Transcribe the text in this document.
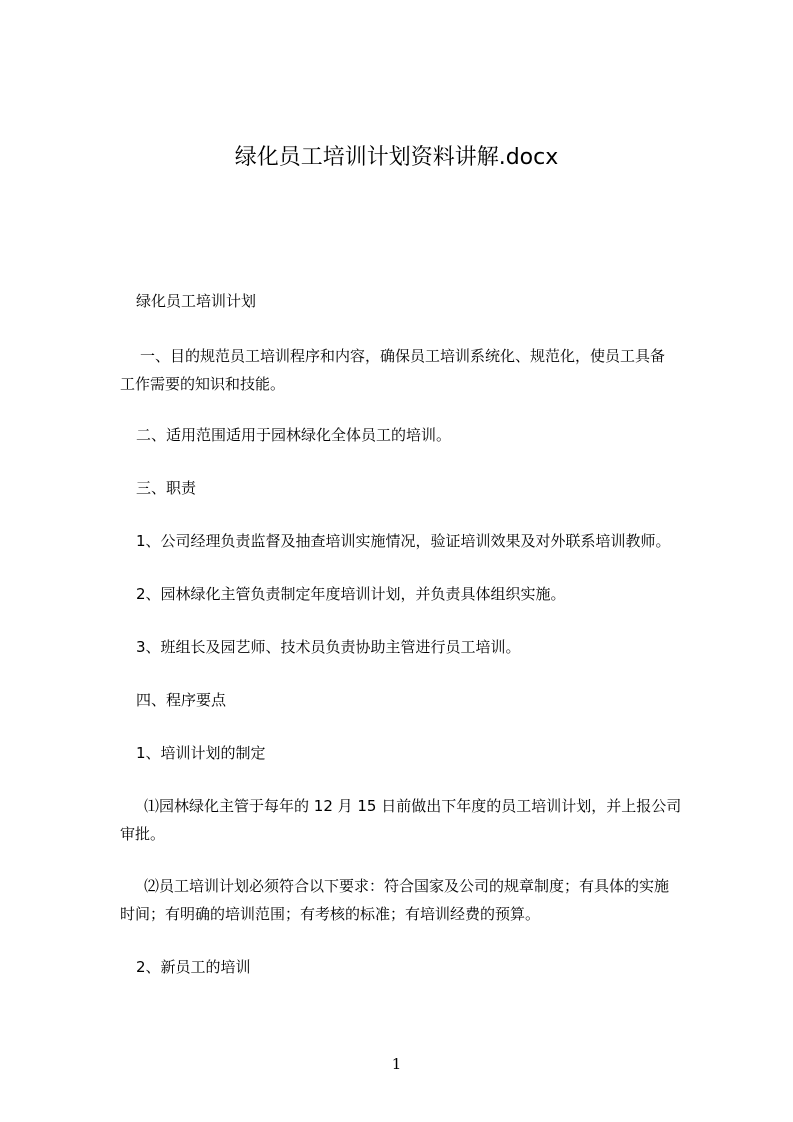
绿化员工培训计划资料讲解.docx
绿化员工培训计划
一、目的规范员工培训程序和内容，确保员工培训系统化、规范化，使员工具备
工作需要的知识和技能。
二、适用范围适用于园林绿化全体员工的培训。
三、职责
1、公司经理负责监督及抽查培训实施情况，验证培训效果及对外联系培训教师。
2、园林绿化主管负责制定年度培训计划，并负责具体组织实施。
3、班组长及园艺师、技术员负责协助主管进行员工培训。
四、程序要点
1、培训计划的制定
⑴园林绿化主管于每年的 12 月 15 日前做出下年度的员工培训计划，并上报公司
审批。
⑵员工培训计划必须符合以下要求：符合国家及公司的规章制度；有具体的实施
时间；有明确的培训范围；有考核的标准；有培训经费的预算。
2、新员工的培训
1
